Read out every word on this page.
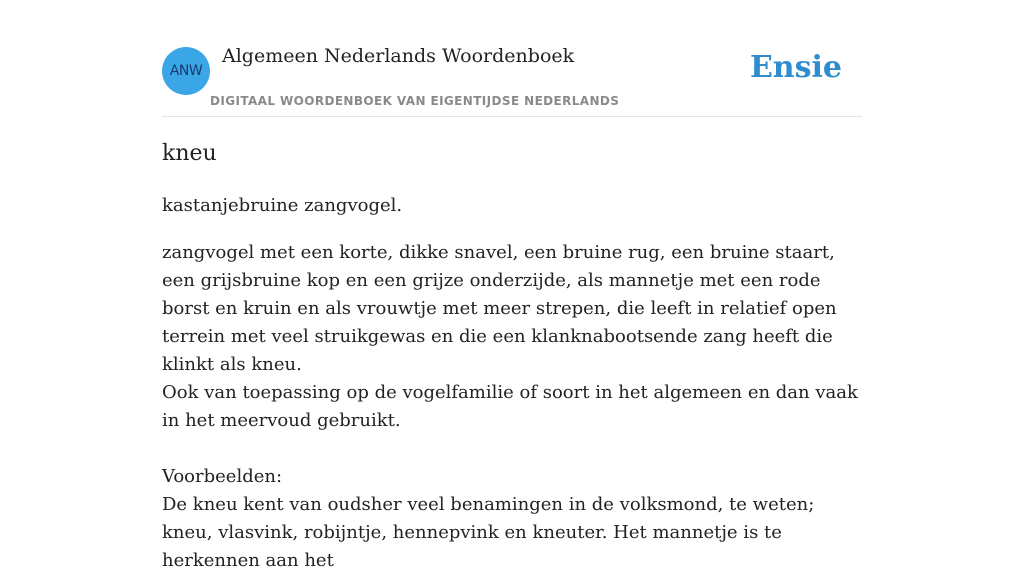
ANW
Algemeen Nederlands Woordenboek
DIGITAAL WOORDENBOEK VAN EIGENTIJDSE NEDERLANDS
Ensie
kneu

kastanjebruine zangvogel.

zangvogel met een korte, dikke snavel, een bruine rug, een bruine staart, een grijsbruine kop en een grijze onderzijde, als mannetje met een rode borst en kruin en als vrouwtje met meer strepen, die leeft in relatief open terrein met veel struikgewas en die een klanknabootsende zang heeft die klinkt als kneu.
Ook van toepassing op de vogelfamilie of soort in het algemeen en dan vaak in het meervoud gebruikt.
Voorbeelden:
De kneu kent van oudsher veel benamingen in de volksmond, te weten; kneu, vlasvink, robijntje, hennepvink en kneuter. Het mannetje is te herkennen aan het
